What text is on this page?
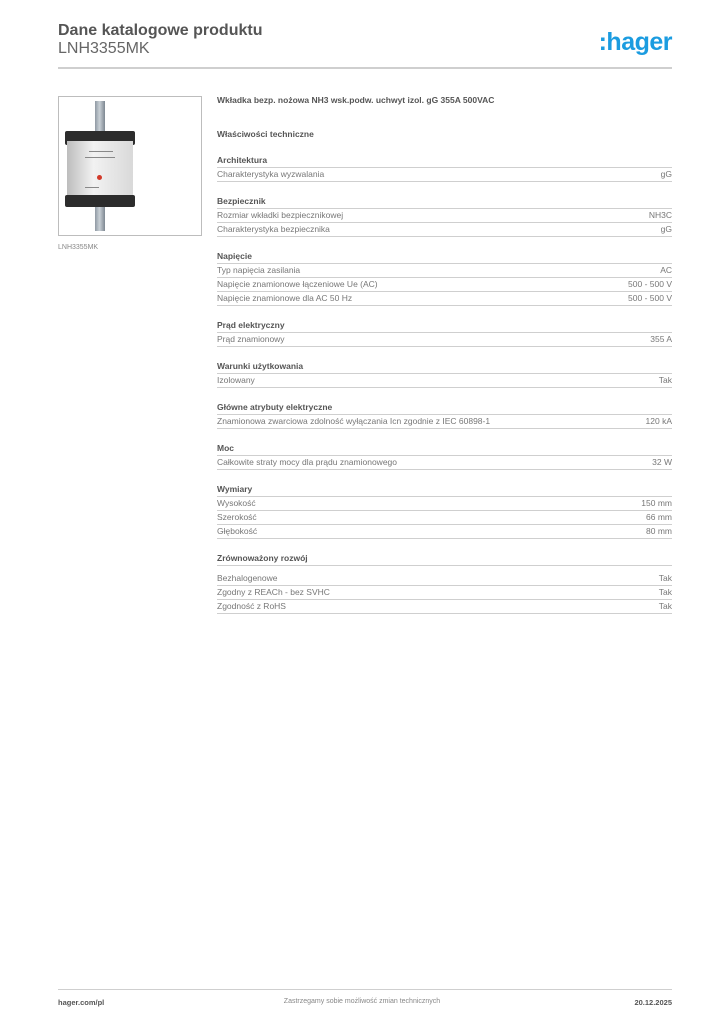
Dane katalogowe produktu
LNH3355MK	:hager
LNH3355MK
Wkładka bezp. nożowa NH3 wsk.podw. uchwyt izol. gG 355A 500VAC
Właściwości techniczne
Architektura
Charakterystyka wyzwalania	gG
Bezpiecznik
Rozmiar wkładki bezpiecznikowej	NH3C
Charakterystyka bezpiecznika	gG
Napięcie
Typ napięcia zasilania	AC
Napięcie znamionowe łączeniowe Ue (AC)	500 - 500 V
Napięcie znamionowe dla AC 50 Hz	500 - 500 V
Prąd elektryczny
Prąd znamionowy	355 A
Warunki użytkowania
Izolowany	Tak
Główne atrybuty elektryczne
Znamionowa zwarciowa zdolność wyłączania Icn zgodnie z IEC 60898-1	120 kA
Moc
Całkowite straty mocy dla prądu znamionowego	32 W
Wymiary
Wysokość	150 mm
Szerokość	66 mm
Głębokość	80 mm
Zrównoważony rozwój
Bezhalogenowe	Tak
Zgodny z REACh - bez SVHC	Tak
Zgodność z RoHS	Tak
Zastrzegamy sobie możliwość zmian technicznych
hager.com/pl	20.12.2025
